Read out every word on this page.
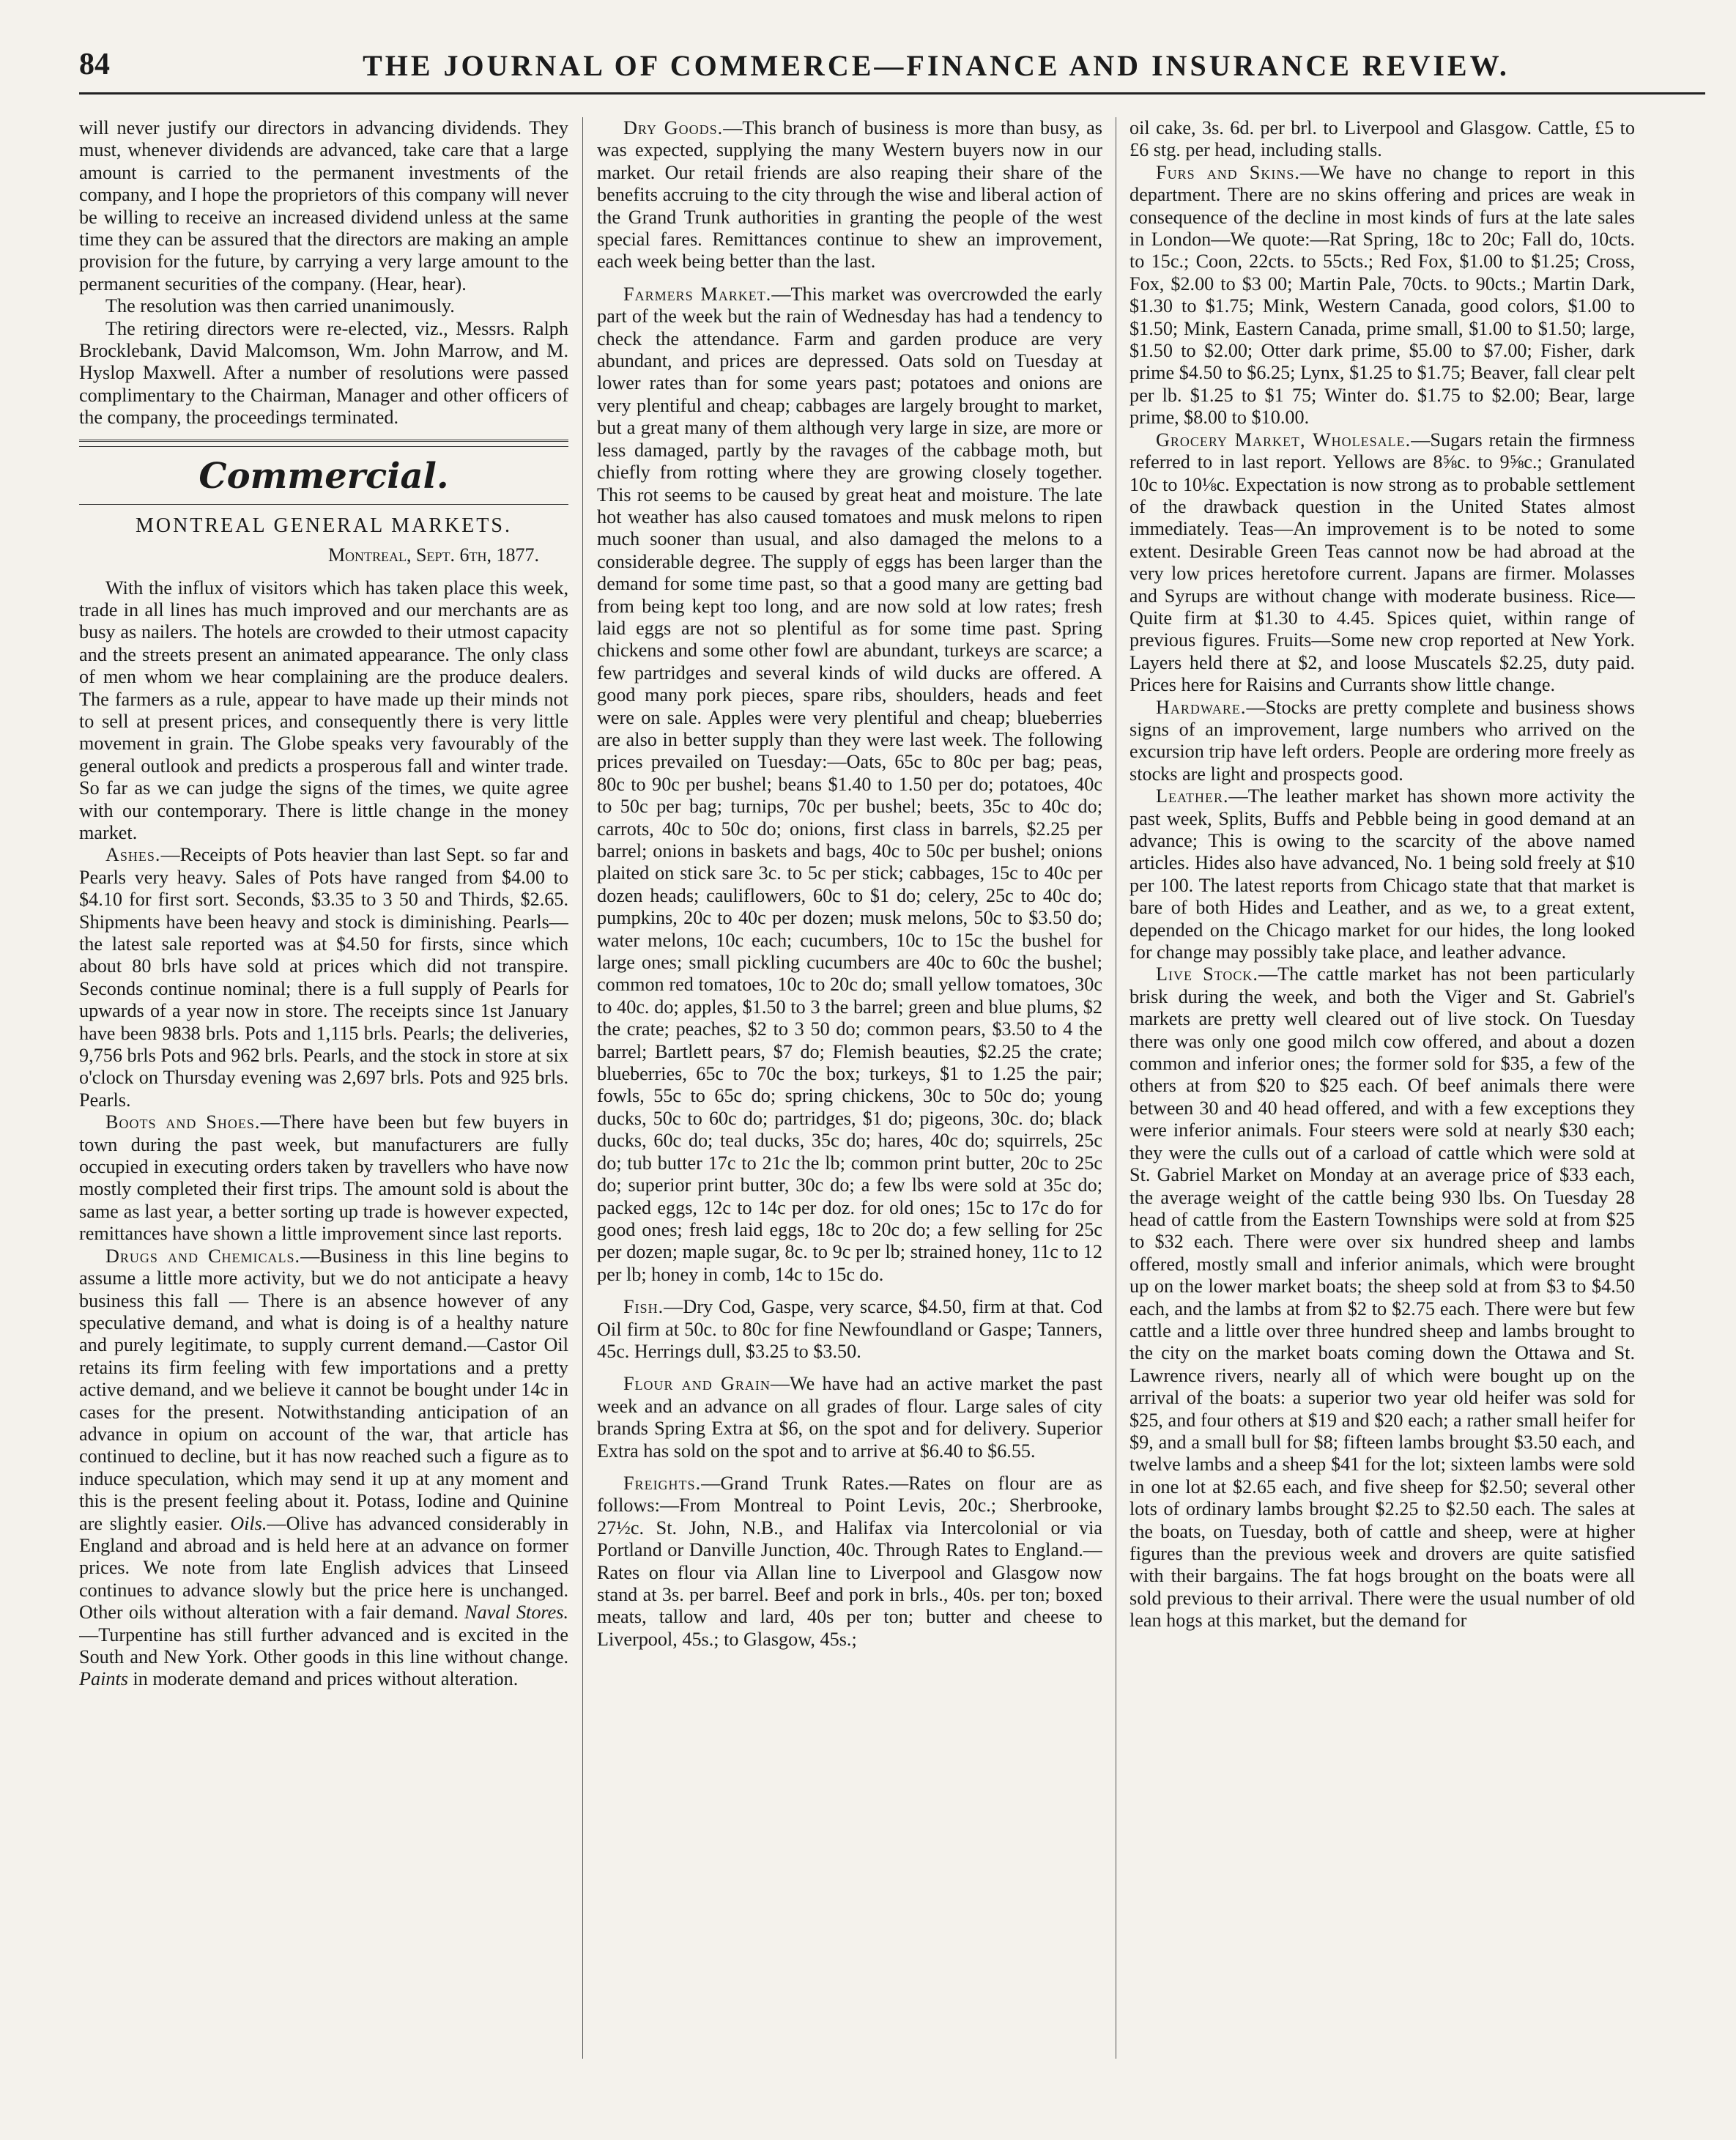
84	THE JOURNAL OF COMMERCE—FINANCE AND INSURANCE REVIEW.

will never justify our directors in advancing dividends. They must, whenever dividends are advanced, take care that a large amount is carried to the permanent investments of the company, and I hope the proprietors of this company will never be willing to receive an increased dividend unless at the same time they can be assured that the directors are making an ample provision for the future, by carrying a very large amount to the permanent securities of the company. (Hear, hear).

The resolution was then carried unanimously.

The retiring directors were re-elected, viz., Messrs. Ralph Brocklebank, David Malcomson, Wm. John Marrow, and M. Hyslop Maxwell. After a number of resolutions were passed complimentary to the Chairman, Manager and other officers of the company, the proceedings terminated.

Commercial.
MONTREAL GENERAL MARKETS.
Montreal, Sept. 6th, 1877.

With the influx of visitors which has taken place this week, trade in all lines has much improved and our merchants are as busy as nailers. The hotels are crowded to their utmost capacity and the streets present an animated appearance. The only class of men whom we hear complaining are the produce dealers. The farmers as a rule, appear to have made up their minds not to sell at present prices, and consequently there is very little movement in grain. The Globe speaks very favourably of the general outlook and predicts a prosperous fall and winter trade. So far as we can judge the signs of the times, we quite agree with our contemporary. There is little change in the money market.

Ashes.—Receipts of Pots heavier than last Sept. so far and Pearls very heavy. Sales of Pots have ranged from $4.00 to $4.10 for first sort. Seconds, $3.35 to 3 50 and Thirds, $2.65. Shipments have been heavy and stock is diminishing. Pearls—the latest sale reported was at $4.50 for firsts, since which about 80 brls have sold at prices which did not transpire. Seconds continue nominal; there is a full supply of Pearls for upwards of a year now in store. The receipts since 1st January have been 9838 brls. Pots and 1,115 brls. Pearls; the deliveries, 9,756 brls Pots and 962 brls. Pearls, and the stock in store at six o'clock on Thursday evening was 2,697 brls. Pots and 925 brls. Pearls.

Boots and Shoes.—There have been but few buyers in town during the past week, but manufacturers are fully occupied in executing orders taken by travellers who have now mostly completed their first trips. The amount sold is about the same as last year, a better sorting up trade is however expected, remittances have shown a little improvement since last reports.

Drugs and Chemicals.—Business in this line begins to assume a little more activity, but we do not anticipate a heavy business this fall — There is an absence however of any speculative demand, and what is doing is of a healthy nature and purely legitimate, to supply current demand.—Castor Oil retains its firm feeling with few importations and a pretty active demand, and we believe it cannot be bought under 14c in cases for the present. Notwithstanding anticipation of an advance in opium on account of the war, that article has continued to decline, but it has now reached such a figure as to induce speculation, which may send it up at any moment and this is the present feeling about it. Potass, Iodine and Quinine are slightly easier. Oils.—Olive has advanced considerably in England and abroad and is held here at an advance on former prices. We note from late English advices that Linseed continues to advance slowly but the price here is unchanged. Other oils without alteration with a fair demand. Naval Stores.—Turpentine has still further advanced and is excited in the South and New York. Other goods in this line without change. Paints in moderate demand and prices without alteration.

Dry Goods.—This branch of business is more than busy, as was expected, supplying the many Western buyers now in our market. Our retail friends are also reaping their share of the benefits accruing to the city through the wise and liberal action of the Grand Trunk authorities in granting the people of the west special fares. Remittances continue to shew an improvement, each week being better than the last.

Farmers Market.—This market was overcrowded the early part of the week but the rain of Wednesday has had a tendency to check the attendance. Farm and garden produce are very abundant, and prices are depressed. Oats sold on Tuesday at lower rates than for some years past; potatoes and onions are very plentiful and cheap; cabbages are largely brought to market, but a great many of them although very large in size, are more or less damaged, partly by the ravages of the cabbage moth, but chiefly from rotting where they are growing closely together. This rot seems to be caused by great heat and moisture. The late hot weather has also caused tomatoes and musk melons to ripen much sooner than usual, and also damaged the melons to a considerable degree. The supply of eggs has been larger than the demand for some time past, so that a good many are getting bad from being kept too long, and are now sold at low rates; fresh laid eggs are not so plentiful as for some time past. Spring chickens and some other fowl are abundant, turkeys are scarce; a few partridges and several kinds of wild ducks are offered. A good many pork pieces, spare ribs, shoulders, heads and feet were on sale. Apples were very plentiful and cheap; blueberries are also in better supply than they were last week. The following prices prevailed on Tuesday:—Oats, 65c to 80c per bag; peas, 80c to 90c per bushel; beans $1.40 to 1.50 per do; potatoes, 40c to 50c per bag; turnips, 70c per bushel; beets, 35c to 40c do; carrots, 40c to 50c do; onions, first class in barrels, $2.25 per barrel; onions in baskets and bags, 40c to 50c per bushel; onions plaited on stick sare 3c. to 5c per stick; cabbages, 15c to 40c per dozen heads; cauliflowers, 60c to $1 do; celery, 25c to 40c do; pumpkins, 20c to 40c per dozen; musk melons, 50c to $3.50 do; water melons, 10c each; cucumbers, 10c to 15c the bushel for large ones; small pickling cucumbers are 40c to 60c the bushel; common red tomatoes, 10c to 20c do; small yellow tomatoes, 30c to 40c. do; apples, $1.50 to 3 the barrel; green and blue plums, $2 the crate; peaches, $2 to 3 50 do; common pears, $3.50 to 4 the barrel; Bartlett pears, $7 do; Flemish beauties, $2.25 the crate; blueberries, 65c to 70c the box; turkeys, $1 to 1.25 the pair; fowls, 55c to 65c do; spring chickens, 30c to 50c do; young ducks, 50c to 60c do; partridges, $1 do; pigeons, 30c. do; black ducks, 60c do; teal ducks, 35c do; hares, 40c do; squirrels, 25c do; tub butter 17c to 21c the lb; common print butter, 20c to 25c do; superior print butter, 30c do; a few lbs were sold at 35c do; packed eggs, 12c to 14c per doz. for old ones; 15c to 17c do for good ones; fresh laid eggs, 18c to 20c do; a few selling for 25c per dozen; maple sugar, 8c. to 9c per lb; strained honey, 11c to 12 per lb; honey in comb, 14c to 15c do.

Fish.—Dry Cod, Gaspe, very scarce, $4.50, firm at that. Cod Oil firm at 50c. to 80c for fine Newfoundland or Gaspe; Tanners, 45c. Herrings dull, $3.25 to $3.50.

Flour and Grain—We have had an active market the past week and an advance on all grades of flour. Large sales of city brands Spring Extra at $6, on the spot and for delivery. Superior Extra has sold on the spot and to arrive at $6.40 to $6.55.

Freights.—Grand Trunk Rates.—Rates on flour are as follows:—From Montreal to Point Levis, 20c.; Sherbrooke, 27½c. St. John, N.B., and Halifax via Intercolonial or via Portland or Danville Junction, 40c. Through Rates to England.—Rates on flour via Allan line to Liverpool and Glasgow now stand at 3s. per barrel. Beef and pork in brls., 40s. per ton; boxed meats, tallow and lard, 40s per ton; butter and cheese to Liverpool, 45s.; to Glasgow, 45s.;

oil cake, 3s. 6d. per brl. to Liverpool and Glasgow. Cattle, £5 to £6 stg. per head, including stalls.

Furs and Skins.—We have no change to report in this department. There are no skins offering and prices are weak in consequence of the decline in most kinds of furs at the late sales in London—We quote:—Rat Spring, 18c to 20c; Fall do, 10cts. to 15c.; Coon, 22cts. to 55cts.; Red Fox, $1.00 to $1.25; Cross, Fox, $2.00 to $3 00; Martin Pale, 70cts. to 90cts.; Martin Dark, $1.30 to $1.75; Mink, Western Canada, good colors, $1.00 to $1.50; Mink, Eastern Canada, prime small, $1.00 to $1.50; large, $1.50 to $2.00; Otter dark prime, $5.00 to $7.00; Fisher, dark prime $4.50 to $6.25; Lynx, $1.25 to $1.75; Beaver, fall clear pelt per lb. $1.25 to $1 75; Winter do. $1.75 to $2.00; Bear, large prime, $8.00 to $10.00.

Grocery Market, Wholesale.—Sugars retain the firmness referred to in last report. Yellows are 8⅝c. to 9⅝c.; Granulated 10c to 10⅛c. Expectation is now strong as to probable settlement of the drawback question in the United States almost immediately. Teas—An improvement is to be noted to some extent. Desirable Green Teas cannot now be had abroad at the very low prices heretofore current. Japans are firmer. Molasses and Syrups are without change with moderate business. Rice—Quite firm at $1.30 to 4.45. Spices quiet, within range of previous figures. Fruits—Some new crop reported at New York. Layers held there at $2, and loose Muscatels $2.25, duty paid. Prices here for Raisins and Currants show little change.

Hardware.—Stocks are pretty complete and business shows signs of an improvement, large numbers who arrived on the excursion trip have left orders. People are ordering more freely as stocks are light and prospects good.

Leather.—The leather market has shown more activity the past week, Splits, Buffs and Pebble being in good demand at an advance; This is owing to the scarcity of the above named articles. Hides also have advanced, No. 1 being sold freely at $10 per 100. The latest reports from Chicago state that that market is bare of both Hides and Leather, and as we, to a great extent, depended on the Chicago market for our hides, the long looked for change may possibly take place, and leather advance.

Live Stock.—The cattle market has not been particularly brisk during the week, and both the Viger and St. Gabriel's markets are pretty well cleared out of live stock. On Tuesday there was only one good milch cow offered, and about a dozen common and inferior ones; the former sold for $35, a few of the others at from $20 to $25 each. Of beef animals there were between 30 and 40 head offered, and with a few exceptions they were inferior animals. Four steers were sold at nearly $30 each; they were the culls out of a carload of cattle which were sold at St. Gabriel Market on Monday at an average price of $33 each, the average weight of the cattle being 930 lbs. On Tuesday 28 head of cattle from the Eastern Townships were sold at from $25 to $32 each. There were over six hundred sheep and lambs offered, mostly small and inferior animals, which were brought up on the lower market boats; the sheep sold at from $3 to $4.50 each, and the lambs at from $2 to $2.75 each. There were but few cattle and a little over three hundred sheep and lambs brought to the city on the market boats coming down the Ottawa and St. Lawrence rivers, nearly all of which were bought up on the arrival of the boats: a superior two year old heifer was sold for $25, and four others at $19 and $20 each; a rather small heifer for $9, and a small bull for $8; fifteen lambs brought $3.50 each, and twelve lambs and a sheep $41 for the lot; sixteen lambs were sold in one lot at $2.65 each, and five sheep for $2.50; several other lots of ordinary lambs brought $2.25 to $2.50 each. The sales at the boats, on Tuesday, both of cattle and sheep, were at higher figures than the previous week and drovers are quite satisfied with their bargains. The fat hogs brought on the boats were all sold previous to their arrival. There were the usual number of old lean hogs at this market, but the demand for
